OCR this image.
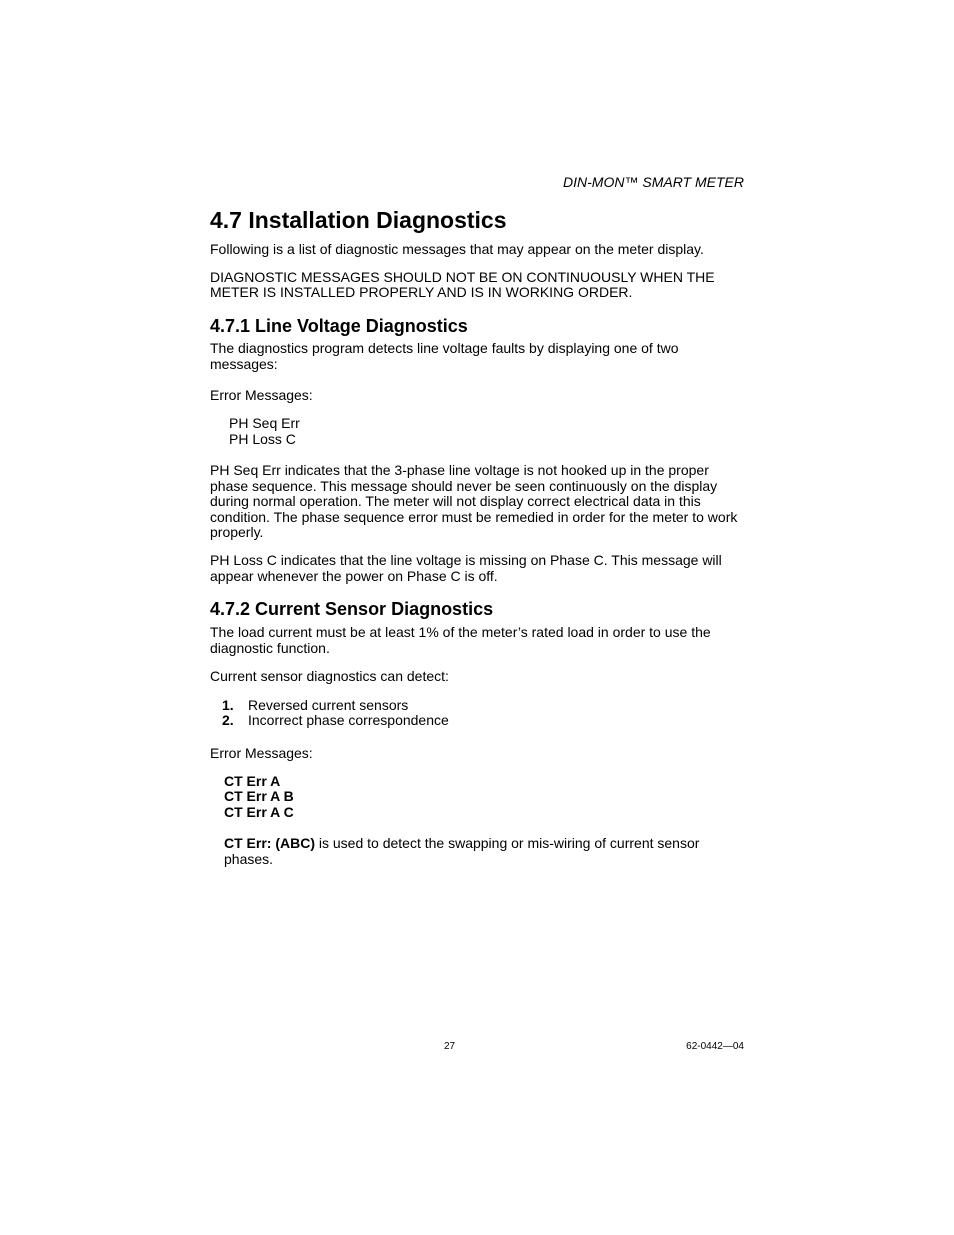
DIN-MON™ SMART METER
4.7 Installation Diagnostics

Following is a list of diagnostic messages that may appear on the meter display.

DIAGNOSTIC MESSAGES SHOULD NOT BE ON CONTINUOUSLY WHEN THE

METER IS INSTALLED PROPERLY AND IS IN WORKING ORDER.

4.7.1 Line Voltage Diagnostics

The diagnostics program detects line voltage faults by displaying one of two

messages:

Error Messages:

PH Seq Err

PH Loss C

PH Seq Err indicates that the 3-phase line voltage is not hooked up in the proper

phase sequence. This message should never be seen continuously on the display

during normal operation. The meter will not display correct electrical data in this

condition. The phase sequence error must be remedied in order for the meter to work

properly.

PH Loss C indicates that the line voltage is missing on Phase C. This message will

appear whenever the power on Phase C is off.

4.7.2 Current Sensor Diagnostics

The load current must be at least 1% of the meter’s rated load in order to use the

diagnostic function.

Current sensor diagnostics can detect:

1. Reversed current sensors
2. Incorrect phase correspondence

Error Messages:

CT Err A

CT Err A B

CT Err A C

CT Err: (ABC) is used to detect the swapping or mis-wiring of current sensor

phases.

27	62-0442—04
